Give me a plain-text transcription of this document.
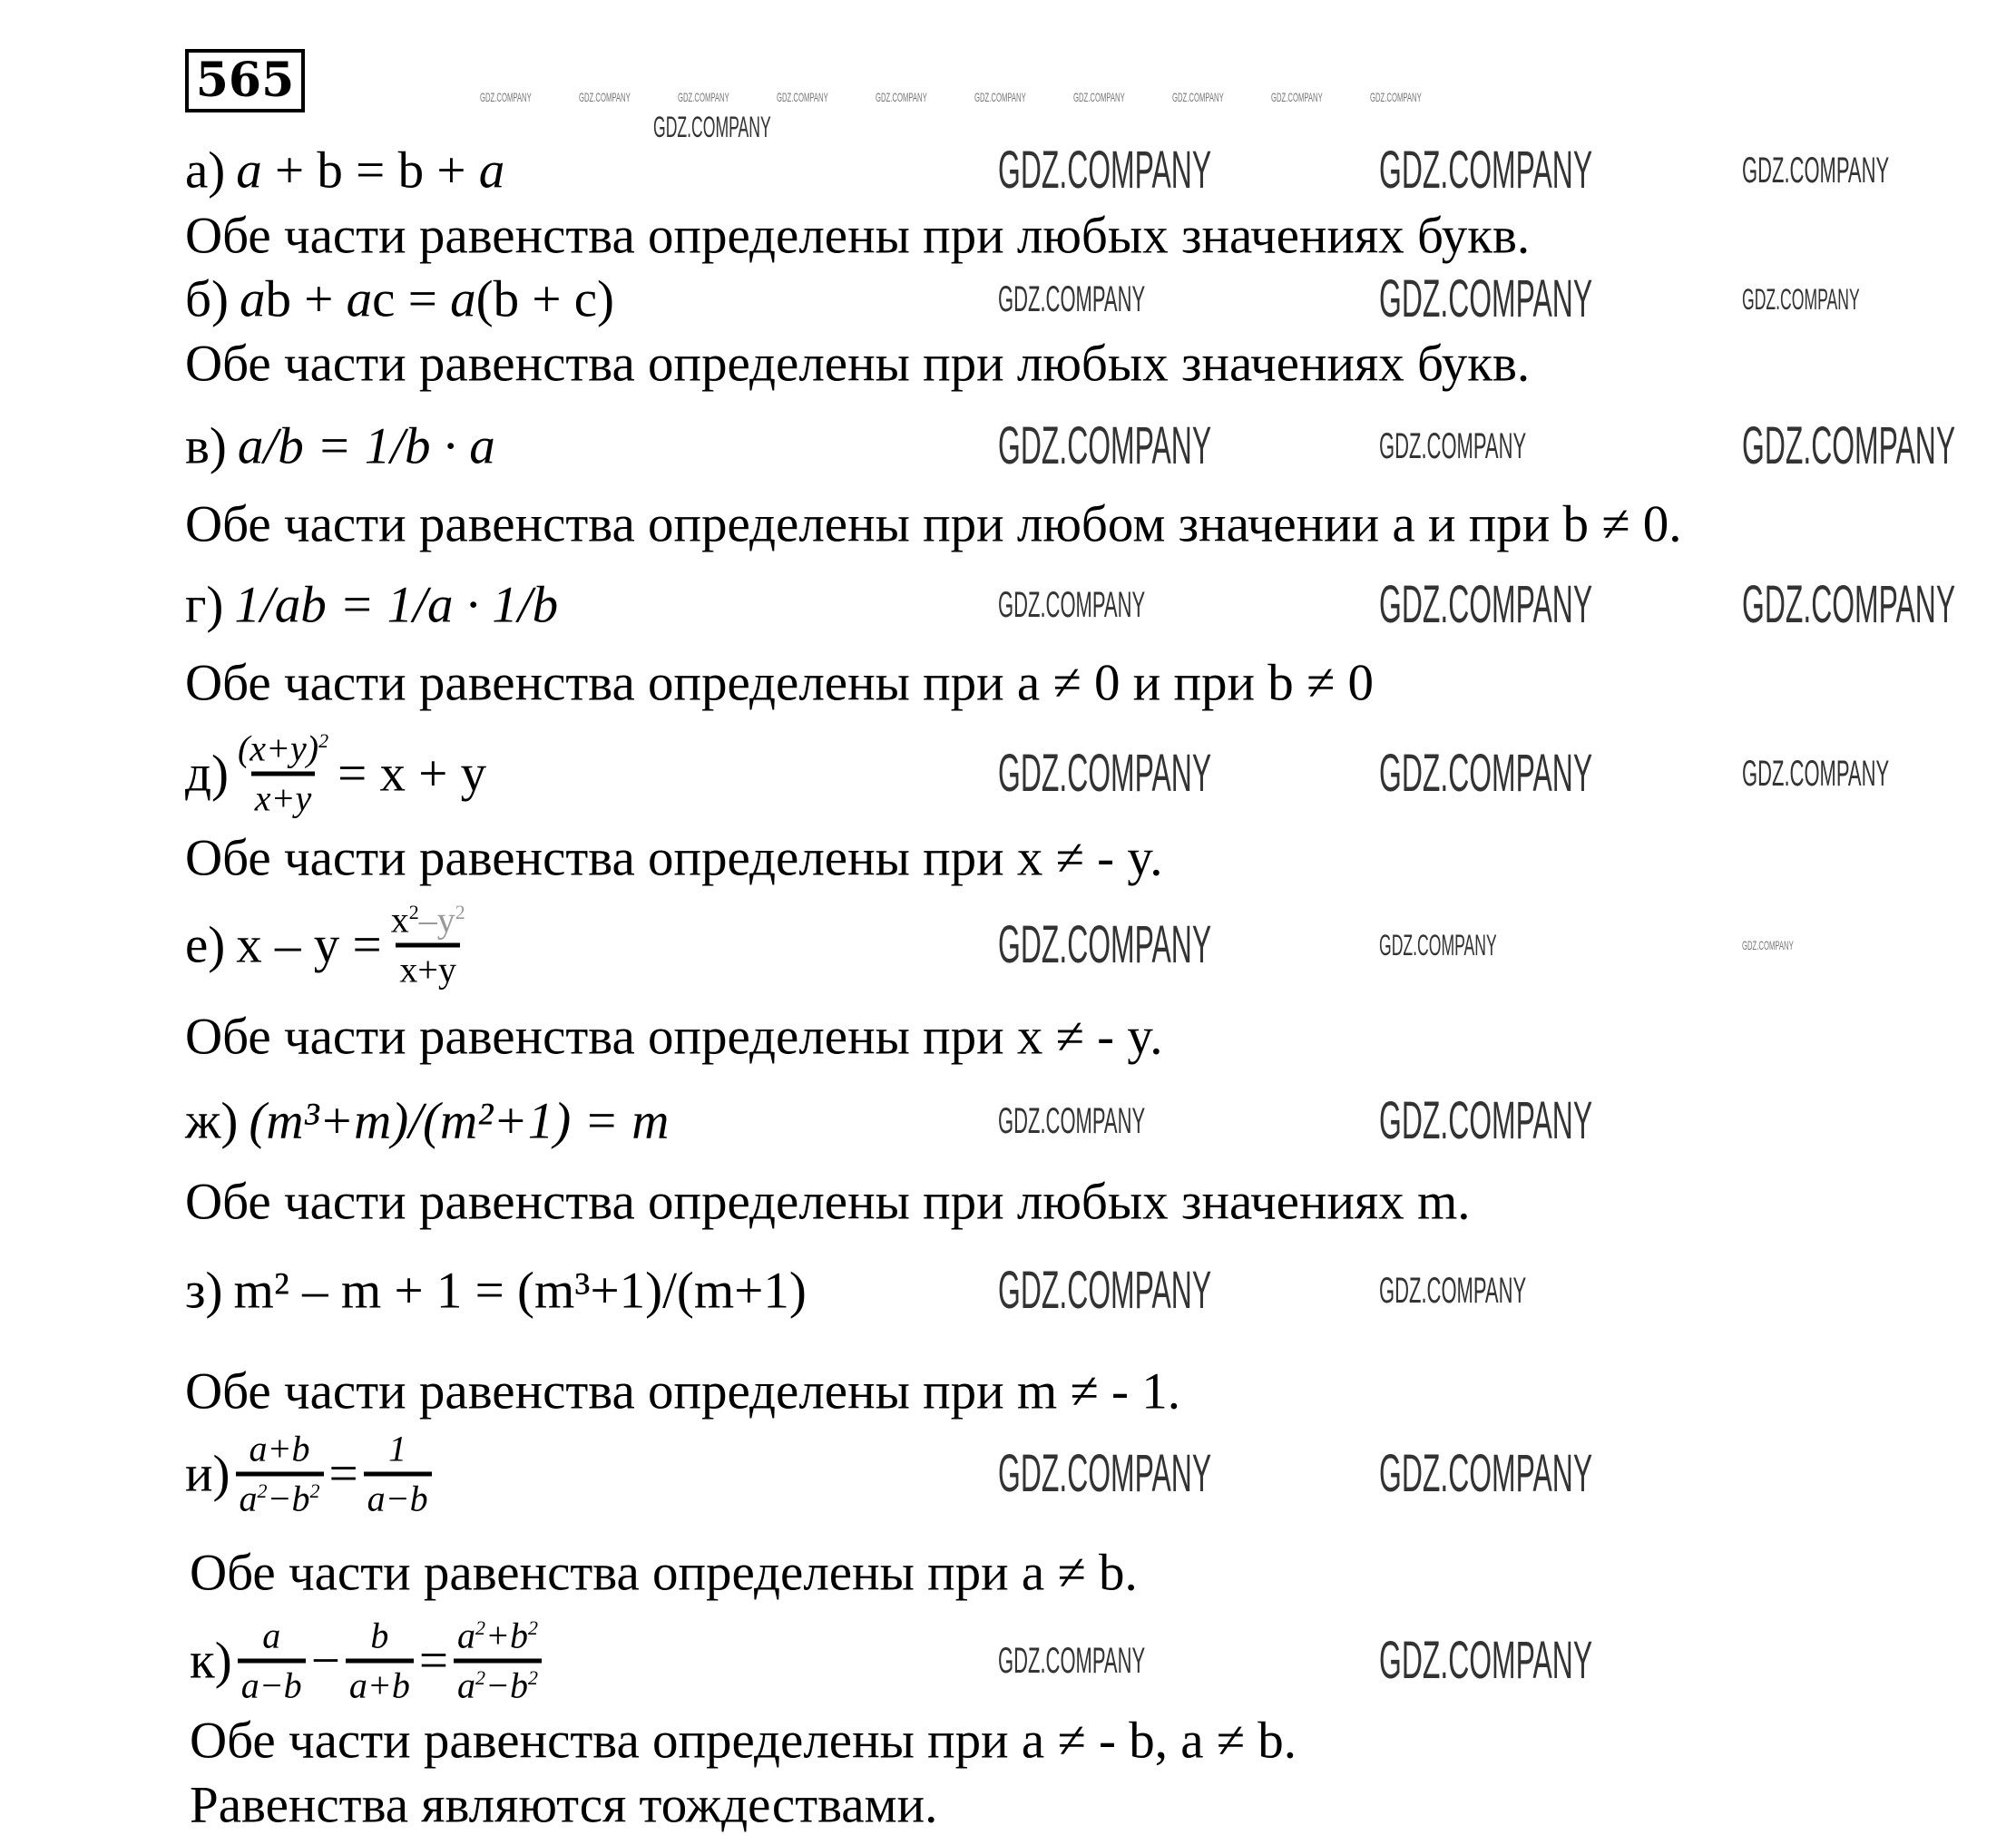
565	GDZ.COMPANY	GDZ.COMPANY	GDZ.COMPANY	GDZ.COMPANY	GDZ.COMPANY	GDZ.COMPANY	GDZ.COMPANY	GDZ.COMPANY	GDZ.COMPANY	GDZ.COMPANY
GDZ.COMPANY
GDZ.COMPANY
GDZ.COMPANY
GDZ.COMPANY
GDZ.COMPANY
GDZ.COMPANY
GDZ.COMPANY
GDZ.COMPANY
GDZ.COMPANY
GDZ.COMPANY
GDZ.COMPANY
GDZ.COMPANY
GDZ.COMPANY
GDZ.COMPANY
GDZ.COMPANY
GDZ.COMPANY
GDZ.COMPANY
GDZ.COMPANY
GDZ.COMPANY
GDZ.COMPANY
GDZ.COMPANY
GDZ.COMPANY
GDZ.COMPANY
GDZ.COMPANY
GDZ.COMPANY
GDZ.COMPANY
GDZ.COMPANY
а) a + b = b + a
Обе части равенства определены при любых значениях букв.
б) a b + a c = a (b + c)
Обе части равенства определены при любых значениях букв.
в) a/b = 1/b · a
Обе части равенства определены при любом значении a и при b ≠ 0.
г) 1/ab = 1/a · 1/b
Обе части равенства определены при a ≠ 0 и при b ≠ 0
$д) \frac{(x+y)^2}{x+y} = x + y$
Обе части равенства определены при x ≠ - y.
е) $x - y = \frac{x^2-y^2}{x+y}$
Обе части равенства определены при x ≠ - y.
ж) (m³+m)/(m²+1) = m
Обе части равенства определены при любых значениях m.
з) m² – m + 1 = (m³+1)/(m+1)
Обе части равенства определены при m ≠ - 1.
$и) \frac{a+b}{a^2-b^2} = \frac{1}{a-b}$
Обе части равенства определены при a ≠ b.
$к) \frac{a}{a-b} - \frac{b}{a+b} = \frac{a^2+b^2}{a^2-b^2}$
Обе части равенства определены при a ≠ - b, a ≠ b.
Равенства являются тождествами.
